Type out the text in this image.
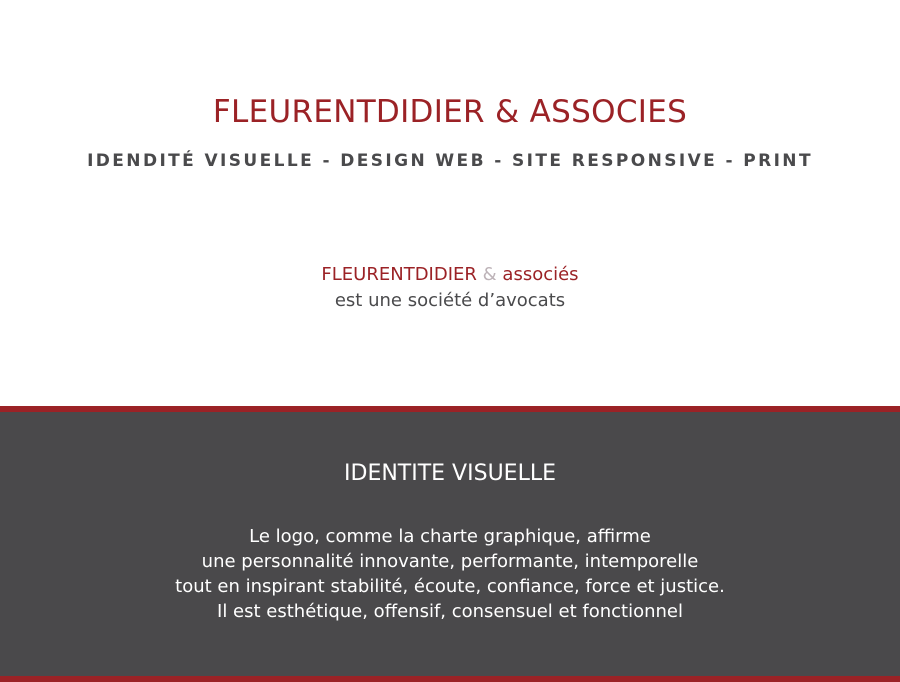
FLEURENTDIDIER & ASSOCIES
IDENDITÉ VISUELLE - DESIGN WEB - SITE RESPONSIVE - PRINT
FLEURENTDIDIER & associés
est une société d’avocats
IDENTITE VISUELLE
Le logo, comme la charte graphique, affirme
une personnalité innovante, performante, intemporelle
tout en inspirant stabilité, écoute, confiance, force et justice.
Il est esthétique, offensif, consensuel et fonctionnel
